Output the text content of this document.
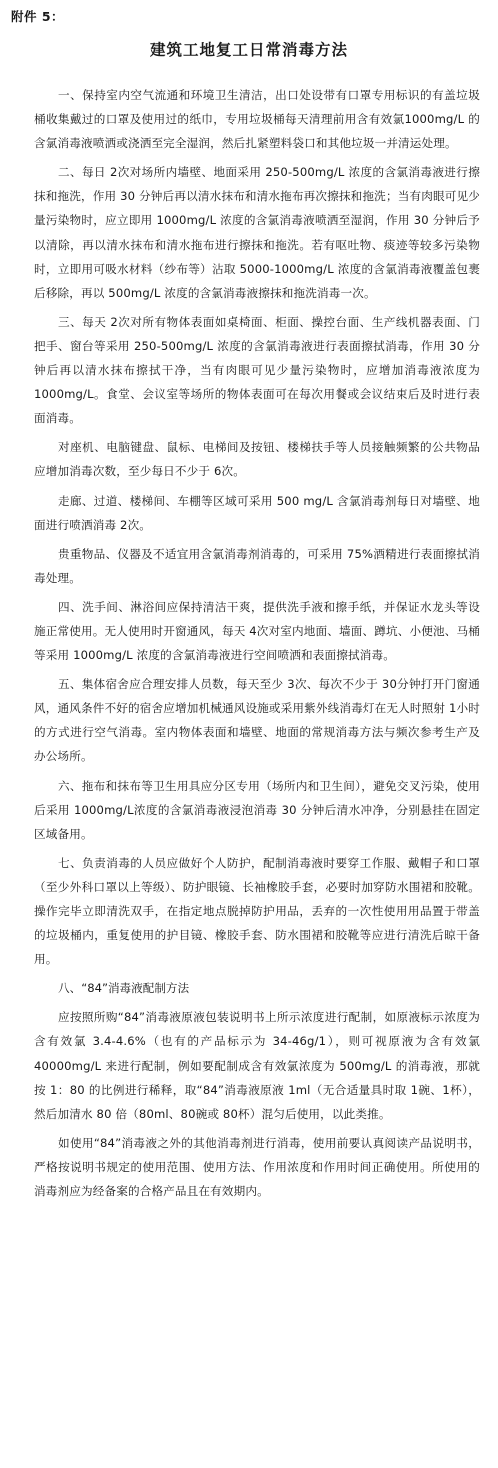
附件 5：
建筑工地复工日常消毒方法

一、保持室内空气流通和环境卫生清洁，出口处设带有口罩专用标识的有盖垃圾桶收集戴过的口罩及使用过的纸巾，专用垃圾桶每天清理前用含有效氯1000mg/L 的含氯消毒液喷洒或浇洒至完全湿润，然后扎紧塑料袋口和其他垃圾一并清运处理。

二、每日 2次对场所内墙壁、地面采用 250-500mg/L 浓度的含氯消毒液进行擦抹和拖洗，作用 30 分钟后再以清水抹布和清水拖布再次擦抹和拖洗；当有肉眼可见少量污染物时，应立即用 1000mg/L 浓度的含氯消毒液喷洒至湿润，作用 30 分钟后予以清除，再以清水抹布和清水拖布进行擦抹和拖洗。若有呕吐物、痰迹等较多污染物时，立即用可吸水材料（纱布等）沾取 5000-1000mg/L 浓度的含氯消毒液覆盖包裹后移除，再以 500mg/L 浓度的含氯消毒液擦抹和拖洗消毒一次。

三、每天 2次对所有物体表面如桌椅面、柜面、操控台面、生产线机器表面、门把手、窗台等采用 250-500mg/L 浓度的含氯消毒液进行表面擦拭消毒，作用 30 分钟后再以清水抹布擦拭干净，当有肉眼可见少量污染物时，应增加消毒液浓度为 1000mg/L。食堂、会议室等场所的物体表面可在每次用餐或会议结束后及时进行表面消毒。

对座机、电脑键盘、鼠标、电梯间及按钮、楼梯扶手等人员接触频繁的公共物品应增加消毒次数，至少每日不少于 6次。

走廊、过道、楼梯间、车棚等区域可采用 500 mg/L 含氯消毒剂每日对墙壁、地面进行喷洒消毒 2次。

贵重物品、仪器及不适宜用含氯消毒剂消毒的，可采用 75%酒精进行表面擦拭消毒处理。

四、洗手间、淋浴间应保持清洁干爽，提供洗手液和擦手纸，并保证水龙头等设施正常使用。无人使用时开窗通风，每天 4次对室内地面、墙面、蹲坑、小便池、马桶等采用 1000mg/L 浓度的含氯消毒液进行空间喷洒和表面擦拭消毒。

五、集体宿舍应合理安排人员数，每天至少 3次、每次不少于 30分钟打开门窗通风，通风条件不好的宿舍应增加机械通风设施或采用紫外线消毒灯在无人时照射 1小时的方式进行空气消毒。室内物体表面和墙壁、地面的常规消毒方法与频次参考生产及办公场所。

六、拖布和抹布等卫生用具应分区专用（场所内和卫生间），避免交叉污染，使用后采用 1000mg/L浓度的含氯消毒液浸泡消毒 30 分钟后清水冲净，分别悬挂在固定区域备用。

七、负责消毒的人员应做好个人防护，配制消毒液时要穿工作服、戴帽子和口罩（至少外科口罩以上等级）、防护眼镜、长袖橡胶手套，必要时加穿防水围裙和胶靴。操作完毕立即清洗双手，在指定地点脱掉防护用品，丢弃的一次性使用用品置于带盖的垃圾桶内，重复使用的护目镜、橡胶手套、防水围裙和胶靴等应进行清洗后晾干备用。

八、“84”消毒液配制方法

应按照所购“84”消毒液原液包装说明书上所示浓度进行配制，如原液标示浓度为含有效氯 3.4-4.6%（也有的产品标示为 34-46g/1），则可视原液为含有效氯 40000mg/L 来进行配制，例如要配制成含有效氯浓度为 500mg/L 的消毒液，那就按 1：80 的比例进行稀释，取“84”消毒液原液 1ml（无合适量具时取 1碗、1杯），然后加清水 80 倍（80ml、80碗或 80杯）混匀后使用，以此类推。

如使用“84”消毒液之外的其他消毒剂进行消毒，使用前要认真阅读产品说明书，严格按说明书规定的使用范围、使用方法、作用浓度和作用时间正确使用。所使用的消毒剂应为经备案的合格产品且在有效期内。
